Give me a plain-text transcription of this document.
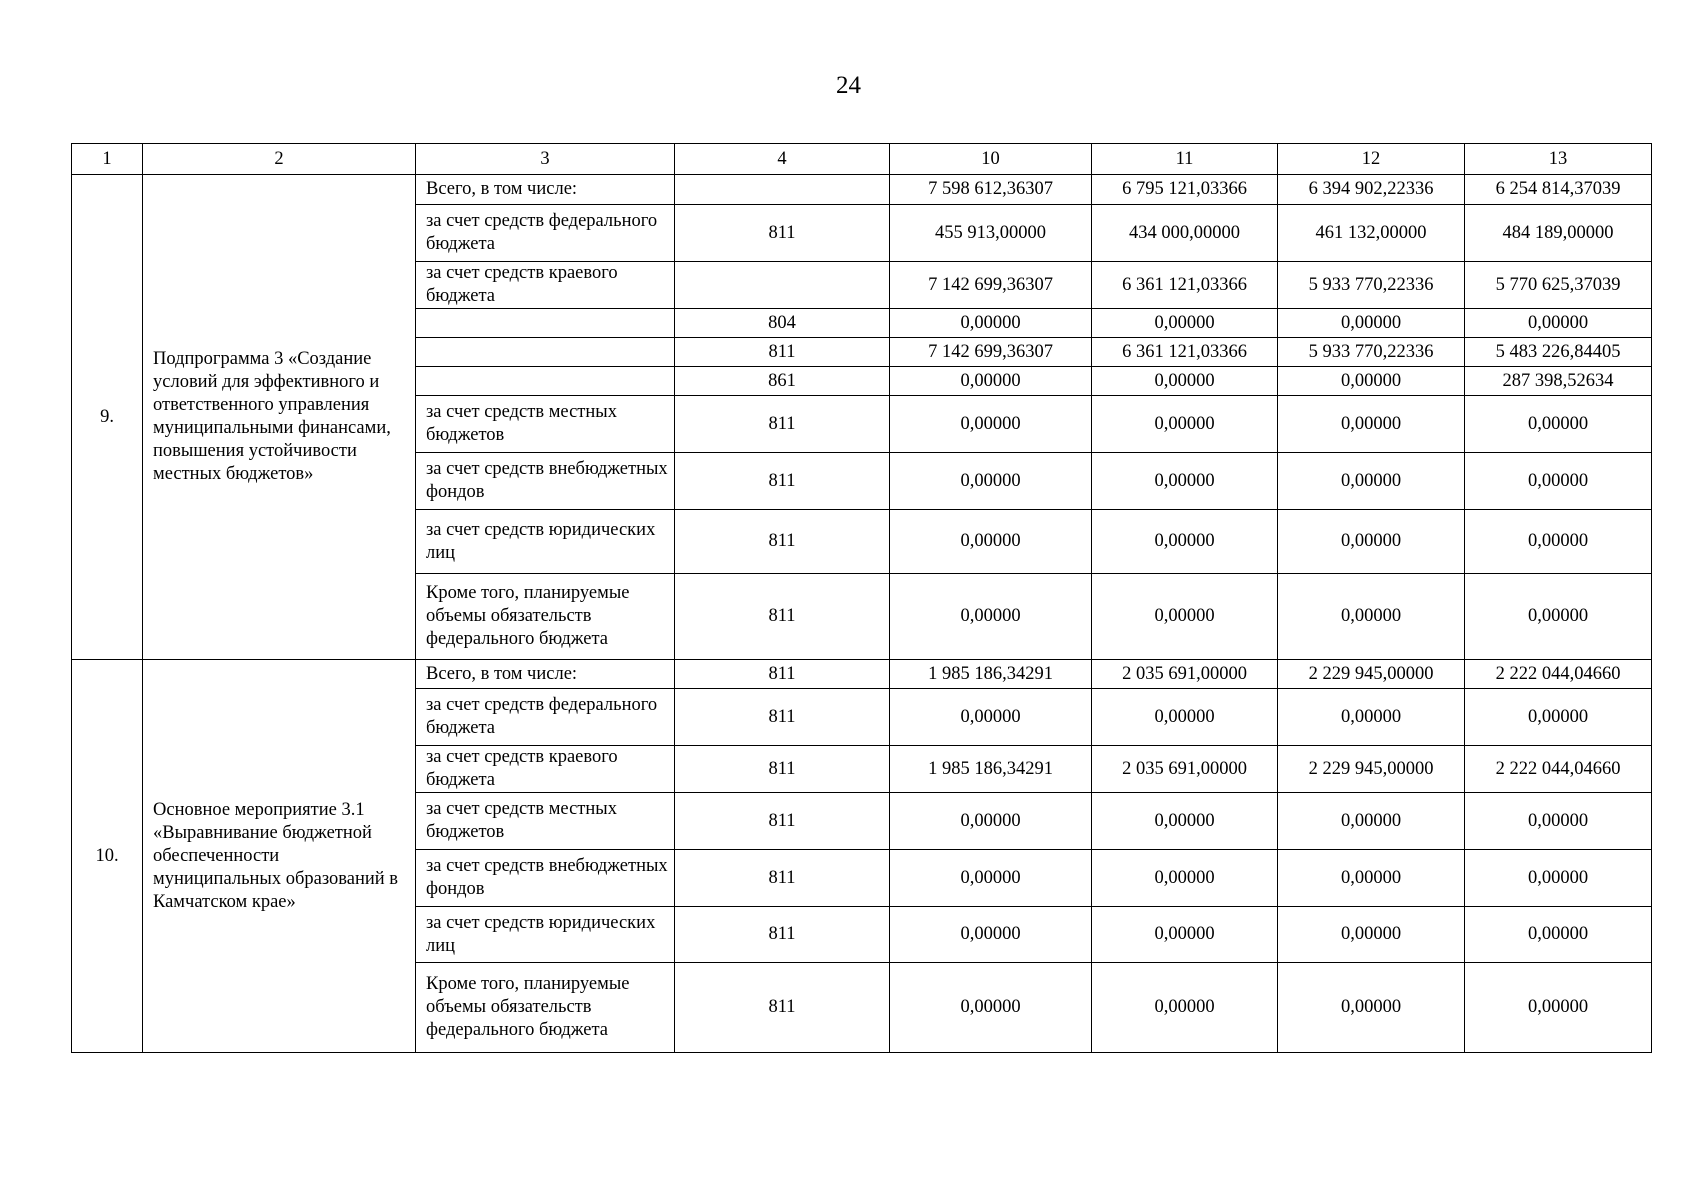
24
1	2	3	4	10	11	12	13
9.	Подпрограмма 3 «Создание условий для эффективного и ответственного управления муниципальными финансами, повышения устойчивости местных бюджетов»	Всего, в том числе:		7 598 612,36307	6 795 121,03366	6 394 902,22336	6 254 814,37039
		за счет средств федерального бюджета	811	455 913,00000	434 000,00000	461 132,00000	484 189,00000
		за счет средств краевого бюджета		7 142 699,36307	6 361 121,03366	5 933 770,22336	5 770 625,37039
			804	0,00000	0,00000	0,00000	0,00000
			811	7 142 699,36307	6 361 121,03366	5 933 770,22336	5 483 226,84405
			861	0,00000	0,00000	0,00000	287 398,52634
		за счет средств местных бюджетов	811	0,00000	0,00000	0,00000	0,00000
		за счет средств внебюджетных фондов	811	0,00000	0,00000	0,00000	0,00000
		за счет средств юридических лиц	811	0,00000	0,00000	0,00000	0,00000
		Кроме того, планируемые объемы обязательств федерального бюджета	811	0,00000	0,00000	0,00000	0,00000
10.	Основное мероприятие 3.1 «Выравнивание бюджетной обеспеченности муниципальных образований в Камчатском крае»	Всего, в том числе:	811	1 985 186,34291	2 035 691,00000	2 229 945,00000	2 222 044,04660
		за счет средств федерального бюджета	811	0,00000	0,00000	0,00000	0,00000
		за счет средств краевого бюджета	811	1 985 186,34291	2 035 691,00000	2 229 945,00000	2 222 044,04660
		за счет средств местных бюджетов	811	0,00000	0,00000	0,00000	0,00000
		за счет средств внебюджетных фондов	811	0,00000	0,00000	0,00000	0,00000
		за счет средств юридических лиц	811	0,00000	0,00000	0,00000	0,00000
		Кроме того, планируемые объемы обязательств федерального бюджета	811	0,00000	0,00000	0,00000	0,00000
